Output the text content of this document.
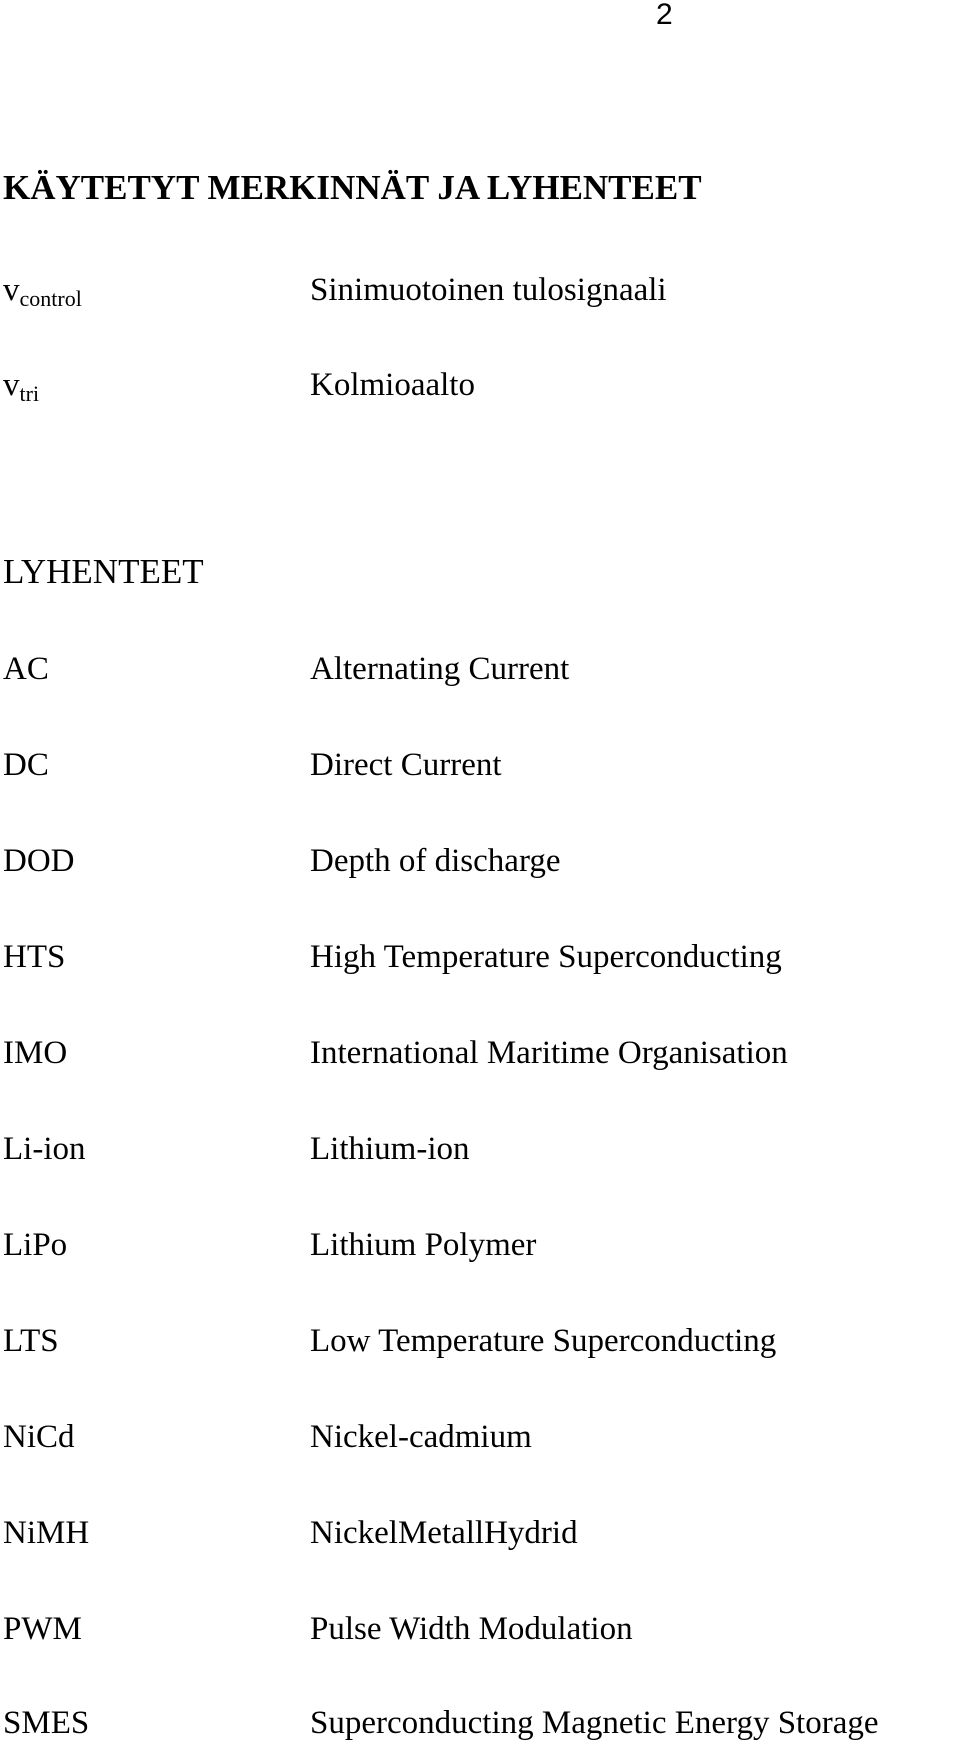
2
KÄYTETYT MERKINNÄT JA LYHENTEET
$v_{control}$	Sinimuotoinen tulosignaali
$v_{tri}$	Kolmioaalto
LYHENTEET
AC	Alternating Current
DC	Direct Current
DOD	Depth of discharge
HTS	High Temperature Superconducting
IMO	International Maritime Organisation
Li-ion	Lithium-ion
LiPo	Lithium Polymer
LTS	Low Temperature Superconducting
NiCd	Nickel-cadmium
NiMH	NickelMetallHydrid
PWM	Pulse Width Modulation
SMES	Superconducting Magnetic Energy Storage
